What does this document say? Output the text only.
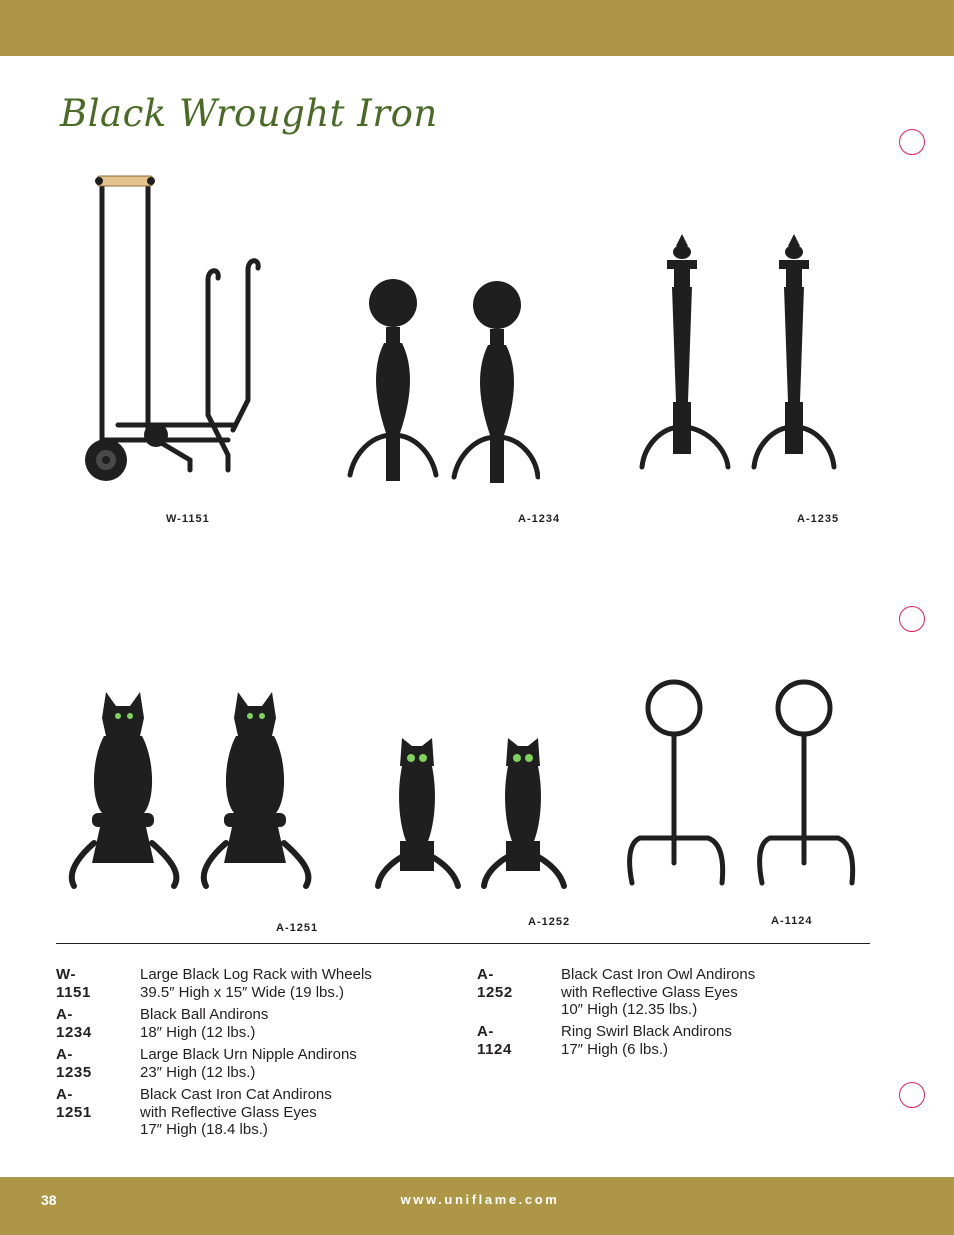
Black Wrought Iron
W-1151	A-1234	A-1235
A-1251	A-1252	A-1124
W-1151
Large Black Log Rack with Wheels
39.5″ High x 15″ Wide (19 lbs.)
A-1234
Black Ball Andirons
18″ High (12 lbs.)
A-1235
Large Black Urn Nipple Andirons
23″ High (12 lbs.)
A-1251
Black Cast Iron Cat Andirons
with Reflective Glass Eyes
17″ High (18.4 lbs.)
A-1252
Black Cast Iron Owl Andirons
with Reflective Glass Eyes
10″ High (12.35 lbs.)
A-1124
Ring Swirl Black Andirons
17″ High (6 lbs.)
38	www.uniflame.com
